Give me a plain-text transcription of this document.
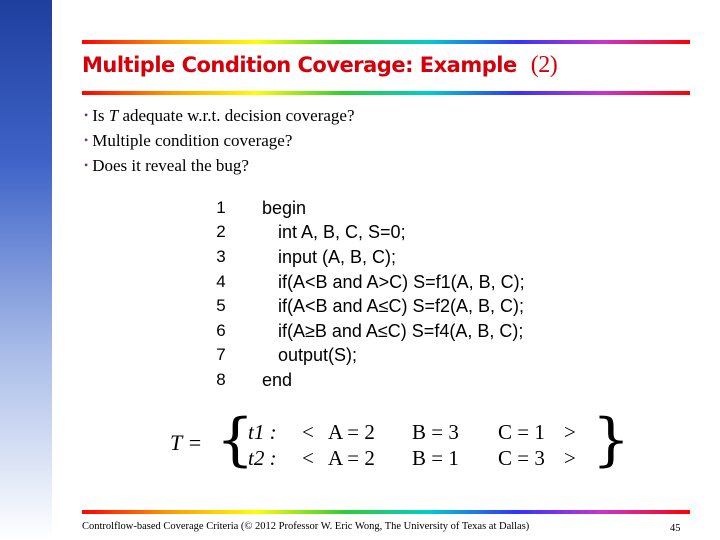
Multiple Condition Coverage: Example (2)
• Is T adequate w.r.t. decision coverage?
• Multiple condition coverage?
• Does it reveal the bug?
1 begin
2	int A, B, C, S=0;
3	input (A, B, C);
4	if(A<B and A>C) S=f1(A, B, C);
5	if(A<B and A≤C) S=f2(A, B, C);
6	if(A≥B and A≤C) S=f4(A, B, C);
7	output(S);
8 end
T = {
t1 : < A = 2 B = 3 C = 1 >
t2 : < A = 2 B = 1 C = 3 > }
Controlflow-based Coverage Criteria (© 2012 Professor W. Eric Wong, The University of Texas at Dallas)	45
